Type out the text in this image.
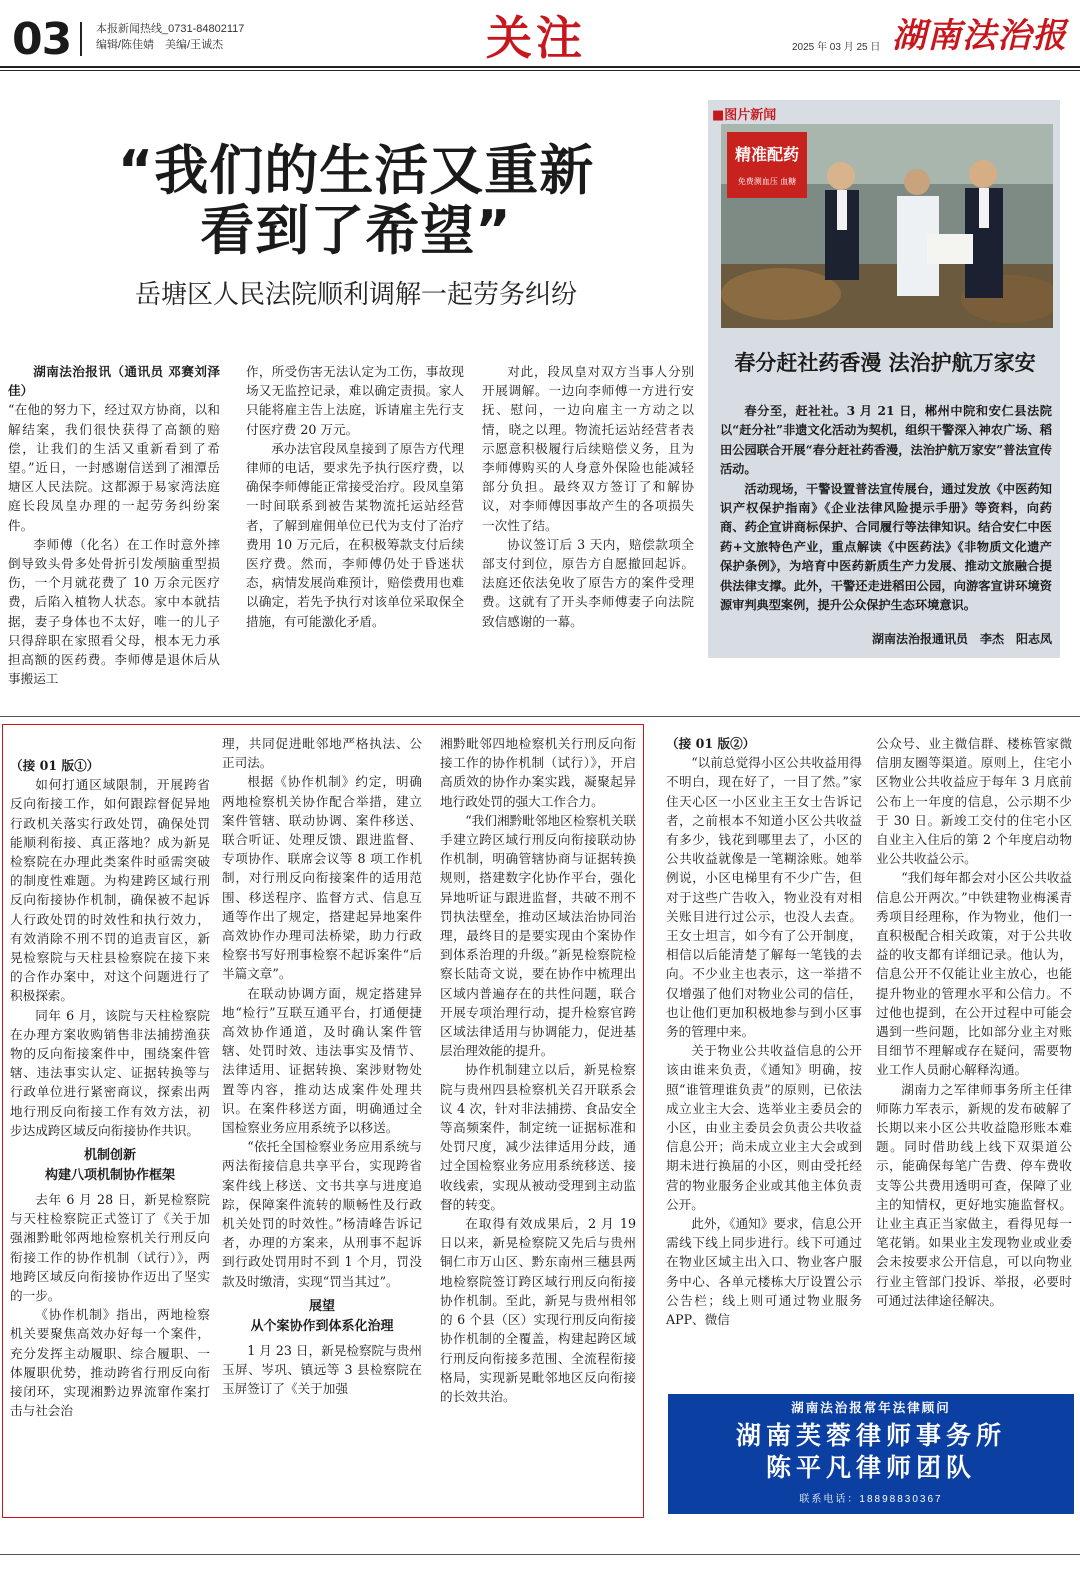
03 本报新闻热线_0731-84802117
编辑/陈佳婧　美编/王诚杰	关注	2025 年 03 月 25 日 湖南法治报
“我们的生活又重新
看到了希望”
岳塘区人民法院顺利调解一起劳务纠纷

湖南法治报讯（通讯员 邓赛刘泽佳）

“在他的努力下，经过双方协商，以和解结案，我们很快获得了高额的赔偿，让我们的生活又重新看到了希望。”近日，一封感谢信送到了湘潭岳塘区人民法院。这都源于易家湾法庭庭长段凤皇办理的一起劳务纠纷案件。

李师傅（化名）在工作时意外摔倒导致头骨多处骨折引发颅脑重型损伤，一个月就花费了 10 万余元医疗费，后陷入植物人状态。家中本就拮据，妻子身体也不太好，唯一的儿子只得辞职在家照看父母，根本无力承担高额的医药费。李师傅是退休后从事搬运工

作，所受伤害无法认定为工伤，事故现场又无监控记录，难以确定责损。家人只能将雇主告上法庭，诉请雇主先行支付医疗费 20 万元。

承办法官段凤皇接到了原告方代理律师的电话，要求先予执行医疗费，以确保李师傅能正常接受治疗。段凤皇第一时间联系到被告某物流托运站经营者，了解到雇佣单位已代为支付了治疗费用 10 万元后，在积极筹款支付后续医疗费。然而，李师傅仍处于昏迷状态，病情发展尚难预计，赔偿费用也难以确定，若先予执行对该单位采取保全措施，有可能激化矛盾。

对此，段凤皇对双方当事人分别开展调解。一边向李师傅一方进行安抚、慰问，一边向雇主一方动之以情，晓之以理。物流托运站经营者表示愿意积极履行后续赔偿义务，且为李师傅购买的人身意外保险也能减轻部分负担。最终双方签订了和解协议，对李师傅因事故产生的各项损失一次性了结。

协议签订后 3 天内，赔偿款项全部支付到位，原告方自愿撤回起诉。法庭还依法免收了原告方的案件受理费。这就有了开头李师傅妻子向法院致信感谢的一幕。

■图片新闻
精准配药
免费测血压 血糖
春分赶社药香漫 法治护航万家安

春分至，赶社社。3 月 21 日，郴州中院和安仁县法院以“赶分社”非遗文化活动为契机，组织干警深入神农广场、稻田公园联合开展“春分赶社药香漫，法治护航万家安”普法宣传活动。

活动现场，干警设置普法宣传展台，通过发放《中医药知识产权保护指南》《企业法律风险提示手册》等资料，向药商、药企宣讲商标保护、合同履行等法律知识。结合安仁中医药+文旅特色产业，重点解读《中医药法》《非物质文化遗产保护条例》，为培育中医药新质生产力发展、推动文旅融合提供法律支撑。此外，干警还走进稻田公园，向游客宣讲环境资源审判典型案例，提升公众保护生态环境意识。

湖南法治报通讯员　李杰　阳志凤

（接 01 版①）

如何打通区域限制，开展跨省反向衔接工作，如何跟踪督促异地行政机关落实行政处罚，确保处罚能顺利衔接、真正落地？成为新晃检察院在办理此类案件时亟需突破的制度性难题。为构建跨区域行刑反向衔接协作机制，确保被不起诉人行政处罚的时效性和执行效力，有效消除不刑不罚的追责盲区，新晃检察院与天柱县检察院在接下来的合作办案中，对这个问题进行了积极探索。

同年 6 月，该院与天柱检察院在办理方案收购销售非法捕捞渔获物的反向衔接案件中，围绕案件管辖、违法事实认定、证据转换等与行政单位进行紧密商议，探索出两地行刑反向衔接工作有效方法，初步达成跨区域反向衔接协作共识。

机制创新
构建八项机制协作框架

去年 6 月 28 日，新晃检察院与天柱检察院正式签订了《关于加强湘黔毗邻两地检察机关行刑反向衔接工作的协作机制（试行）》，两地跨区域反向衔接协作迈出了坚实的一步。

《协作机制》指出，两地检察机关要聚焦高效办好每一个案件，充分发挥主动履职、综合履职、一体履职优势，推动跨省行刑反向衔接闭环，实现湘黔边界流窜作案打击与社会治

理，共同促进毗邻地严格执法、公正司法。

根据《协作机制》约定，明确两地检察机关协作配合举措，建立案件管辖、联动协调、案件移送、联合听证、处理反馈、跟进监督、专项协作、联席会议等 8 项工作机制，对行刑反向衔接案件的适用范围、移送程序、监督方式、信息互通等作出了规定，搭建起异地案件高效协作办理司法桥梁，助力行政检察书写好刑事检察不起诉案件“后半篇文章”。

在联动协调方面，规定搭建异地“检行”互联互通平台，打通便捷高效协作通道，及时确认案件管辖、处罚时效、违法事实及情节、法律适用、证据转换、案涉财物处置等内容，推动达成案件处理共识。在案件移送方面，明确通过全国检察业务应用系统予以移送。

“依托全国检察业务应用系统与两法衔接信息共享平台，实现跨省案件线上移送、文书共享与进度追踪，保障案件流转的顺畅性及行政机关处罚的时效性。”杨清峰告诉记者，办理的方案来，从刑事不起诉到行政处罚用时不到 1 个月，罚没款及时缴清，实现“罚当其过”。

展望
从个案协作到体系化治理

1 月 23 日，新晃检察院与贵州玉屏、岑巩、镇远等 3 县检察院在玉屏签订了《关于加强

湘黔毗邻四地检察机关行刑反向衔接工作的协作机制（试行）》，开启高质效的协作办案实践，凝聚起异地行政处罚的强大工作合力。

“我们湘黔毗邻地区检察机关联手建立跨区域行刑反向衔接联动协作机制，明确管辖协商与证据转换规则，搭建数字化协作平台，强化异地听证与跟进监督，共破不刑不罚执法壁垒，推动区域法治协同治理，最终目的是要实现由个案协作到体系治理的升级。”新晃检察院检察长陆奇文说，要在协作中梳理出区域内普遍存在的共性问题，联合开展专项治理行动，提升检察官跨区域法律适用与协调能力，促进基层治理效能的提升。

协作机制建立以后，新晃检察院与贵州四县检察机关召开联系会议 4 次，针对非法捕捞、食品安全等高频案件，制定统一证据标准和处罚尺度，减少法律适用分歧，通过全国检察业务应用系统移送、接收线索，实现从被动受理到主动监督的转变。

在取得有效成果后，2 月 19 日以来，新晃检察院又先后与贵州铜仁市万山区、黔东南州三穗县两地检察院签订跨区域行刑反向衔接协作机制。至此，新晃与贵州相邻的 6 个县（区）实现行刑反向衔接协作机制的全覆盖，构建起跨区域行刑反向衔接多范围、全流程衔接格局，实现新晃毗邻地区反向衔接的长效共治。

（接 01 版②）

“以前总觉得小区公共收益用得不明白，现在好了，一目了然。”家住天心区一小区业主王女士告诉记者，之前根本不知道小区公共收益有多少，钱花到哪里去了，小区的公共收益就像是一笔糊涂账。她举例说，小区电梯里有不少广告，但对于这些广告收入，物业没有对相关账目进行过公示，也没人去查。王女士坦言，如今有了公开制度，相信以后能清楚了解每一笔钱的去向。不少业主也表示，这一举措不仅增强了他们对物业公司的信任，也让他们更加积极地参与到小区事务的管理中来。

关于物业公共收益信息的公开该由谁来负责，《通知》明确，按照“谁管理谁负责”的原则，已依法成立业主大会、选举业主委员会的小区，由业主委员会负责公共收益信息公开；尚未成立业主大会或到期未进行换届的小区，则由受托经营的物业服务企业或其他主体负责公开。

此外，《通知》要求，信息公开需线下线上同步进行。线下可通过在物业区域主出入口、物业客户服务中心、各单元楼栋大厅设置公示公告栏；线上则可通过物业服务 APP、微信

公众号、业主微信群、楼栋管家微信朋友圈等渠道。原则上，住宅小区物业公共收益应于每年 3 月底前公布上一年度的信息，公示期不少于 30 日。新竣工交付的住宅小区自业主入住后的第 2 个年度启动物业公共收益公示。

“我们每年都会对小区公共收益信息公开两次。”中铁建物业梅溪青秀项目经理称，作为物业，他们一直积极配合相关政策，对于公共收益的收支都有详细记录。他认为，信息公开不仅能让业主放心，也能提升物业的管理水平和公信力。不过他也提到，在公开过程中可能会遇到一些问题，比如部分业主对账目细节不理解或存在疑问，需要物业工作人员耐心解释沟通。

湖南力之军律师事务所主任律师陈力军表示，新规的发布破解了长期以来小区公共收益隐形账本难题。同时借助线上线下双渠道公示，能确保每笔广告费、停车费收支等公共费用透明可查，保障了业主的知情权，更好地实施监督权。让业主真正当家做主，看得见每一笔花销。如果业主发现物业或业委会未按要求公开信息，可以向物业行业主管部门投诉、举报，必要时可通过法律途径解决。

湖南法治报常年法律顾问
湖南芙蓉律师事务所
陈平凡律师团队
联系电话：18898830367
